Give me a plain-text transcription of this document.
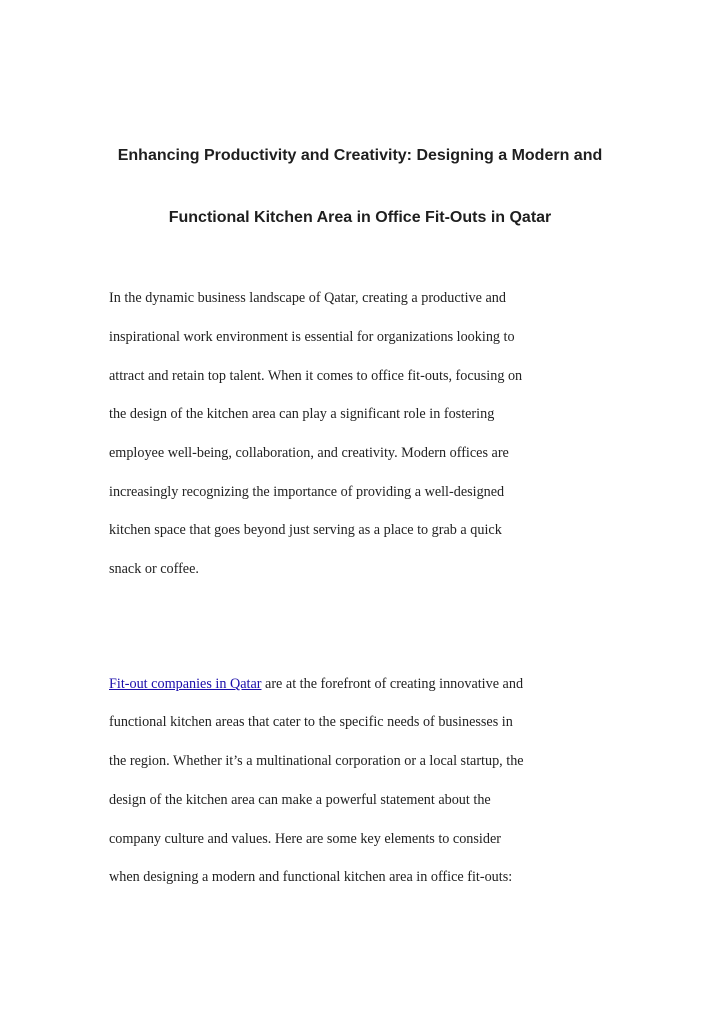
Enhancing Productivity and Creativity: Designing a Modern and
Functional Kitchen Area in Office Fit-Outs in Qatar
In the dynamic business landscape of Qatar, creating a productive and
inspirational work environment is essential for organizations looking to
attract and retain top talent. When it comes to office fit-outs, focusing on
the design of the kitchen area can play a significant role in fostering
employee well-being, collaboration, and creativity. Modern offices are
increasingly recognizing the importance of providing a well-designed
kitchen space that goes beyond just serving as a place to grab a quick
snack or coffee.
Fit-out companies in Qatar are at the forefront of creating innovative and
functional kitchen areas that cater to the specific needs of businesses in
the region. Whether it’s a multinational corporation or a local startup, the
design of the kitchen area can make a powerful statement about the
company culture and values. Here are some key elements to consider
when designing a modern and functional kitchen area in office fit-outs:
